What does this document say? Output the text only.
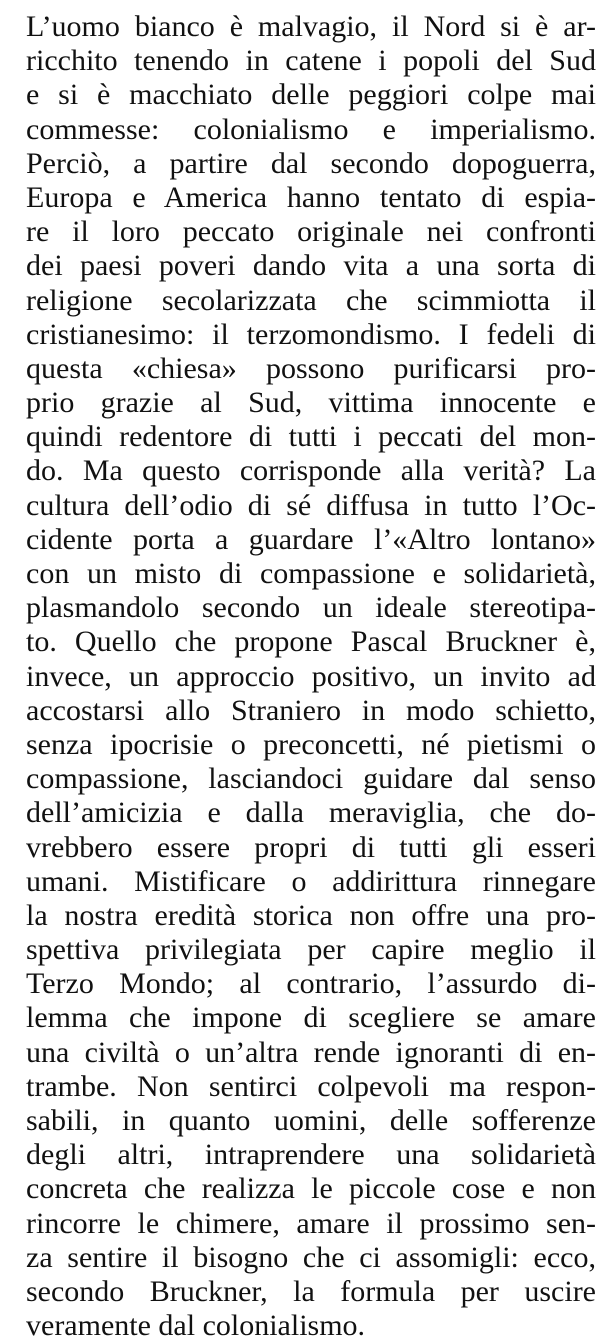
L’uomo bianco è malvagio, il Nord si è ar-
ricchito tenendo in catene i popoli del Sud
e si è macchiato delle peggiori colpe mai
commesse: colonialismo e imperialismo.
Perciò, a partire dal secondo dopoguerra,
Europa e America hanno tentato di espia-
re il loro peccato originale nei confronti
dei paesi poveri dando vita a una sorta di
religione secolarizzata che scimmiotta il
cristianesimo: il terzomondismo. I fedeli di
questa «chiesa» possono purificarsi pro-
prio grazie al Sud, vittima innocente e
quindi redentore di tutti i peccati del mon-
do. Ma questo corrisponde alla verità? La
cultura dell’odio di sé diffusa in tutto l’Oc-
cidente porta a guardare l’«Altro lontano»
con un misto di compassione e solidarietà,
plasmandolo secondo un ideale stereotipa-
to. Quello che propone Pascal Bruckner è,
invece, un approccio positivo, un invito ad
accostarsi allo Straniero in modo schietto,
senza ipocrisie o preconcetti, né pietismi o
compassione, lasciandoci guidare dal senso
dell’amicizia e dalla meraviglia, che do-
vrebbero essere propri di tutti gli esseri
umani. Mistificare o addirittura rinnegare
la nostra eredità storica non offre una pro-
spettiva privilegiata per capire meglio il
Terzo Mondo; al contrario, l’assurdo di-
lemma che impone di scegliere se amare
una civiltà o un’altra rende ignoranti di en-
trambe. Non sentirci colpevoli ma respon-
sabili, in quanto uomini, delle sofferenze
degli altri, intraprendere una solidarietà
concreta che realizza le piccole cose e non
rincorre le chimere, amare il prossimo sen-
za sentire il bisogno che ci assomigli: ecco,
secondo Bruckner, la formula per uscire
veramente dal colonialismo.
